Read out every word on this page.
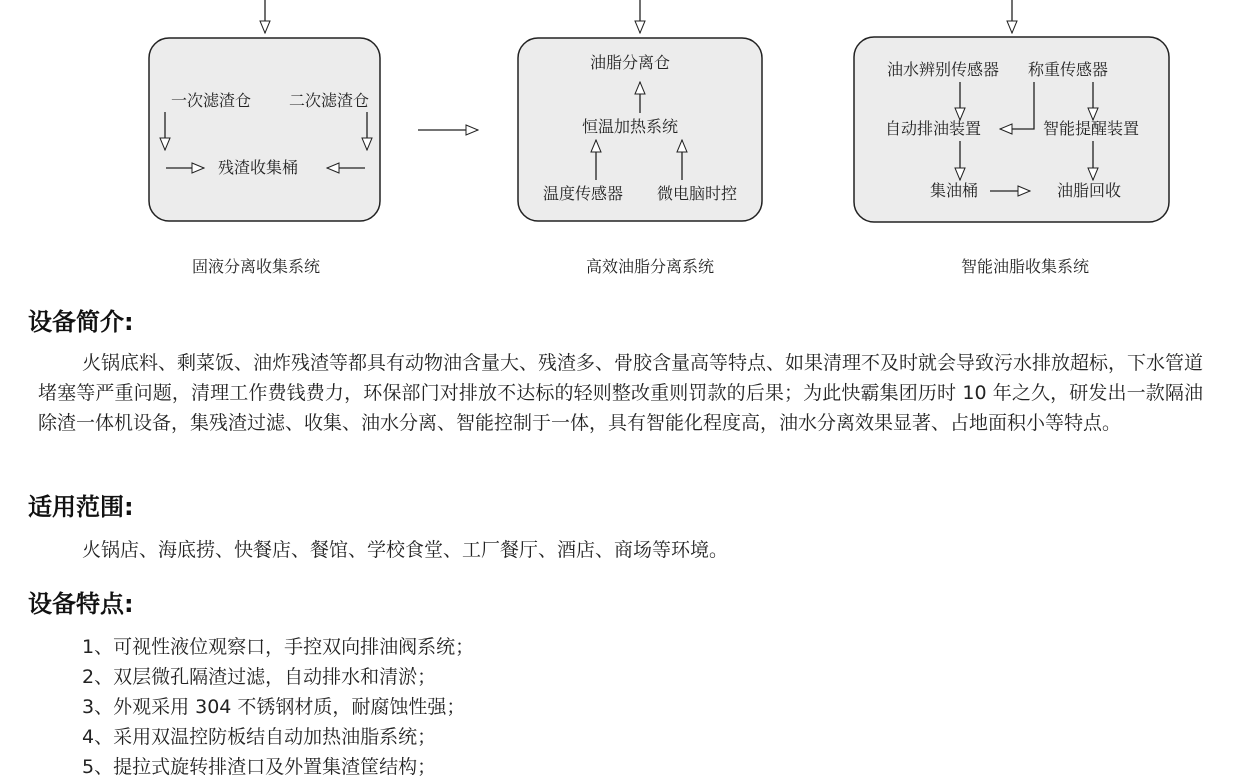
一次滤渣仓 二次滤渣仓
残渣收集桶
油脂分离仓
恒温加热系统
温度传感器 微电脑时控
油水辨别传感器 称重传感器
自动排油装置	智能提醒装置
集油桶	油脂回收
固液分离收集系统	高效油脂分离系统	智能油脂收集系统
设备简介:

火锅底料、剩菜饭、油炸残渣等都具有动物油含量大、残渣多、骨胶含量高等特点、如果清理不及时就会导致污水排放超标，下水管道堵塞等严重问题，清理工作费钱费力，环保部门对排放不达标的轻则整改重则罚款的后果；为此快霸集团历时 10 年之久，研发出一款隔油除渣一体机设备，集残渣过滤、收集、油水分离、智能控制于一体，具有智能化程度高，油水分离效果显著、占地面积小等特点。

适用范围:
火锅店、海底捞、快餐店、餐馆、学校食堂、工厂餐厅、酒店、商场等环境。
设备特点:
1、可视性液位观察口，手控双向排油阀系统；
2、双层微孔隔渣过滤，自动排水和清淤；
3、外观采用 304 不锈钢材质，耐腐蚀性强；
4、采用双温控防板结自动加热油脂系统；
5、提拉式旋转排渣口及外置集渣筐结构；
